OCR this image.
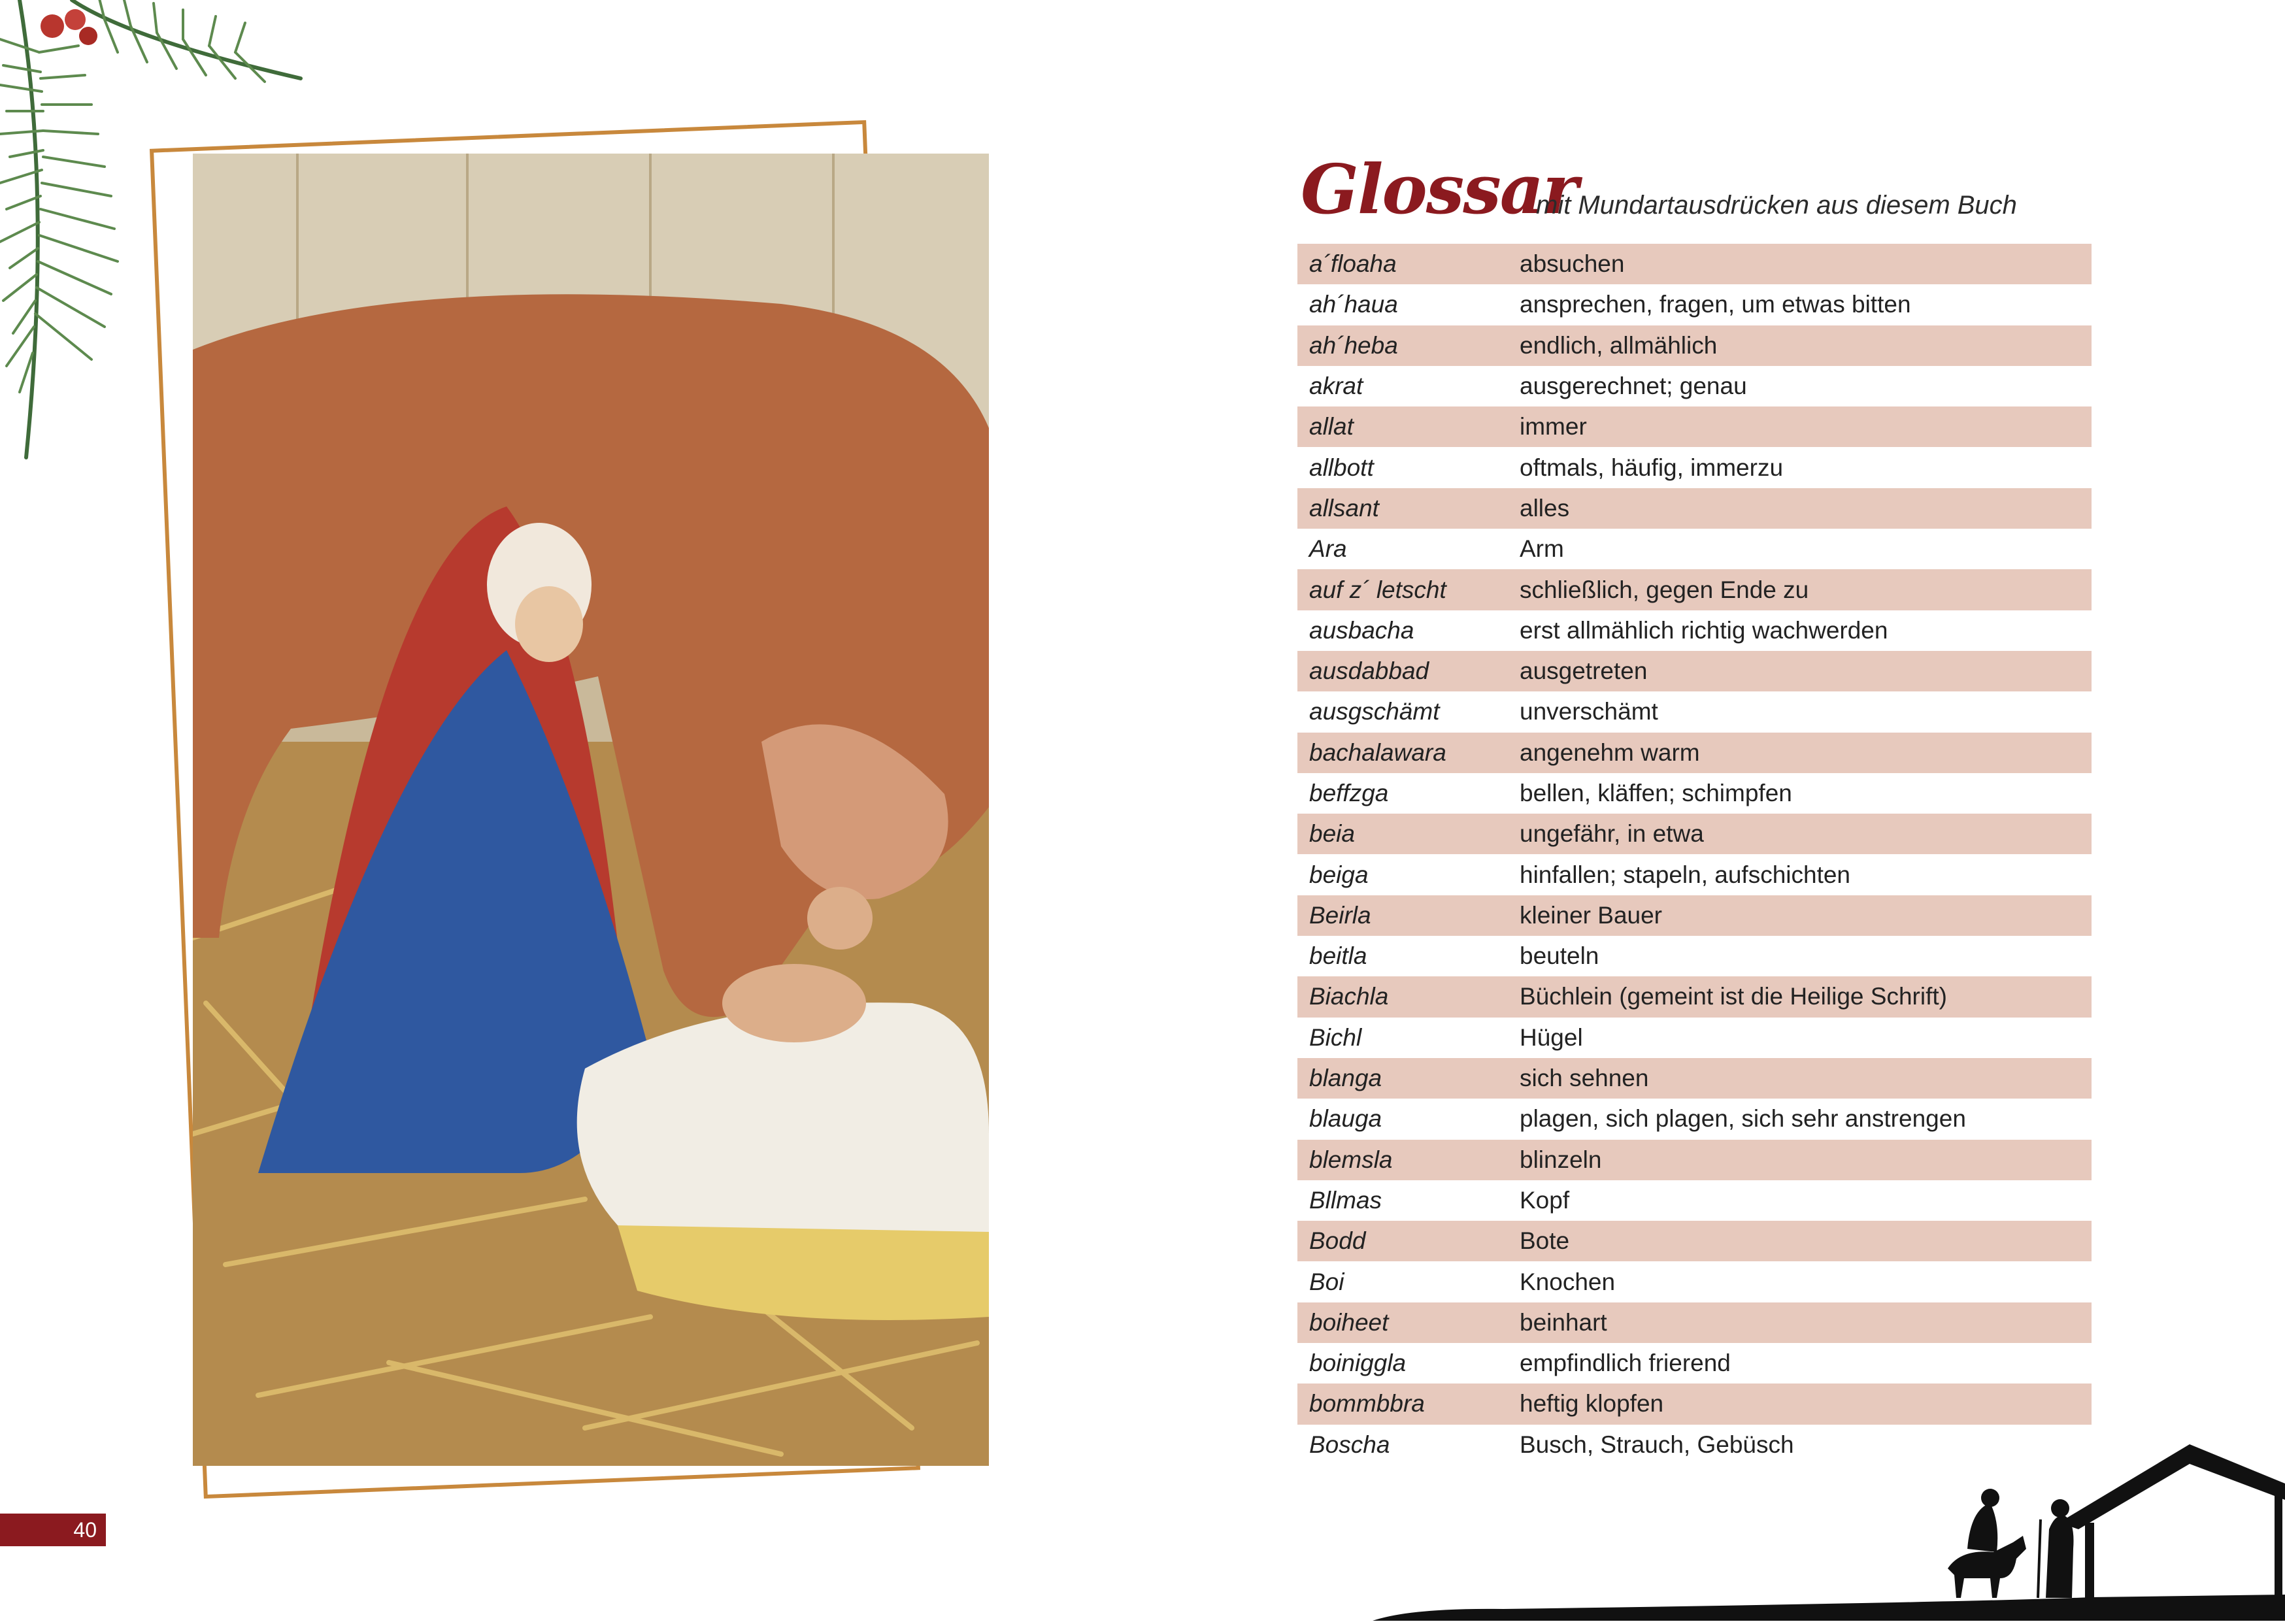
40
Glossar
mit Mundartausdrücken aus diesem Buch
a´floaha	absuchen
ah´haua	ansprechen, fragen, um etwas bitten
ah´heba	endlich, allmählich
akrat	ausgerechnet; genau
allat	immer
allbott	oftmals, häufig, immerzu
allsant	alles
Ara	Arm
auf z´ letscht	schließlich, gegen Ende zu
ausbacha	erst allmählich richtig wachwerden
ausdabbad	ausgetreten
ausgschämt	unverschämt
bachalawara	angenehm warm
beffzga	bellen, kläffen; schimpfen
beia	ungefähr, in etwa
beiga	hinfallen; stapeln, aufschichten
Beirla	kleiner Bauer
beitla	beuteln
Biachla	Büchlein (gemeint ist die Heilige Schrift)
Bichl	Hügel
blanga	sich sehnen
blauga	plagen, sich plagen, sich sehr anstrengen
blemsla	blinzeln
Bllmas	Kopf
Bodd	Bote
Boi	Knochen
boiheet	beinhart
boiniggla	empfindlich frierend
bommbbra	heftig klopfen
Boscha	Busch, Strauch, Gebüsch
